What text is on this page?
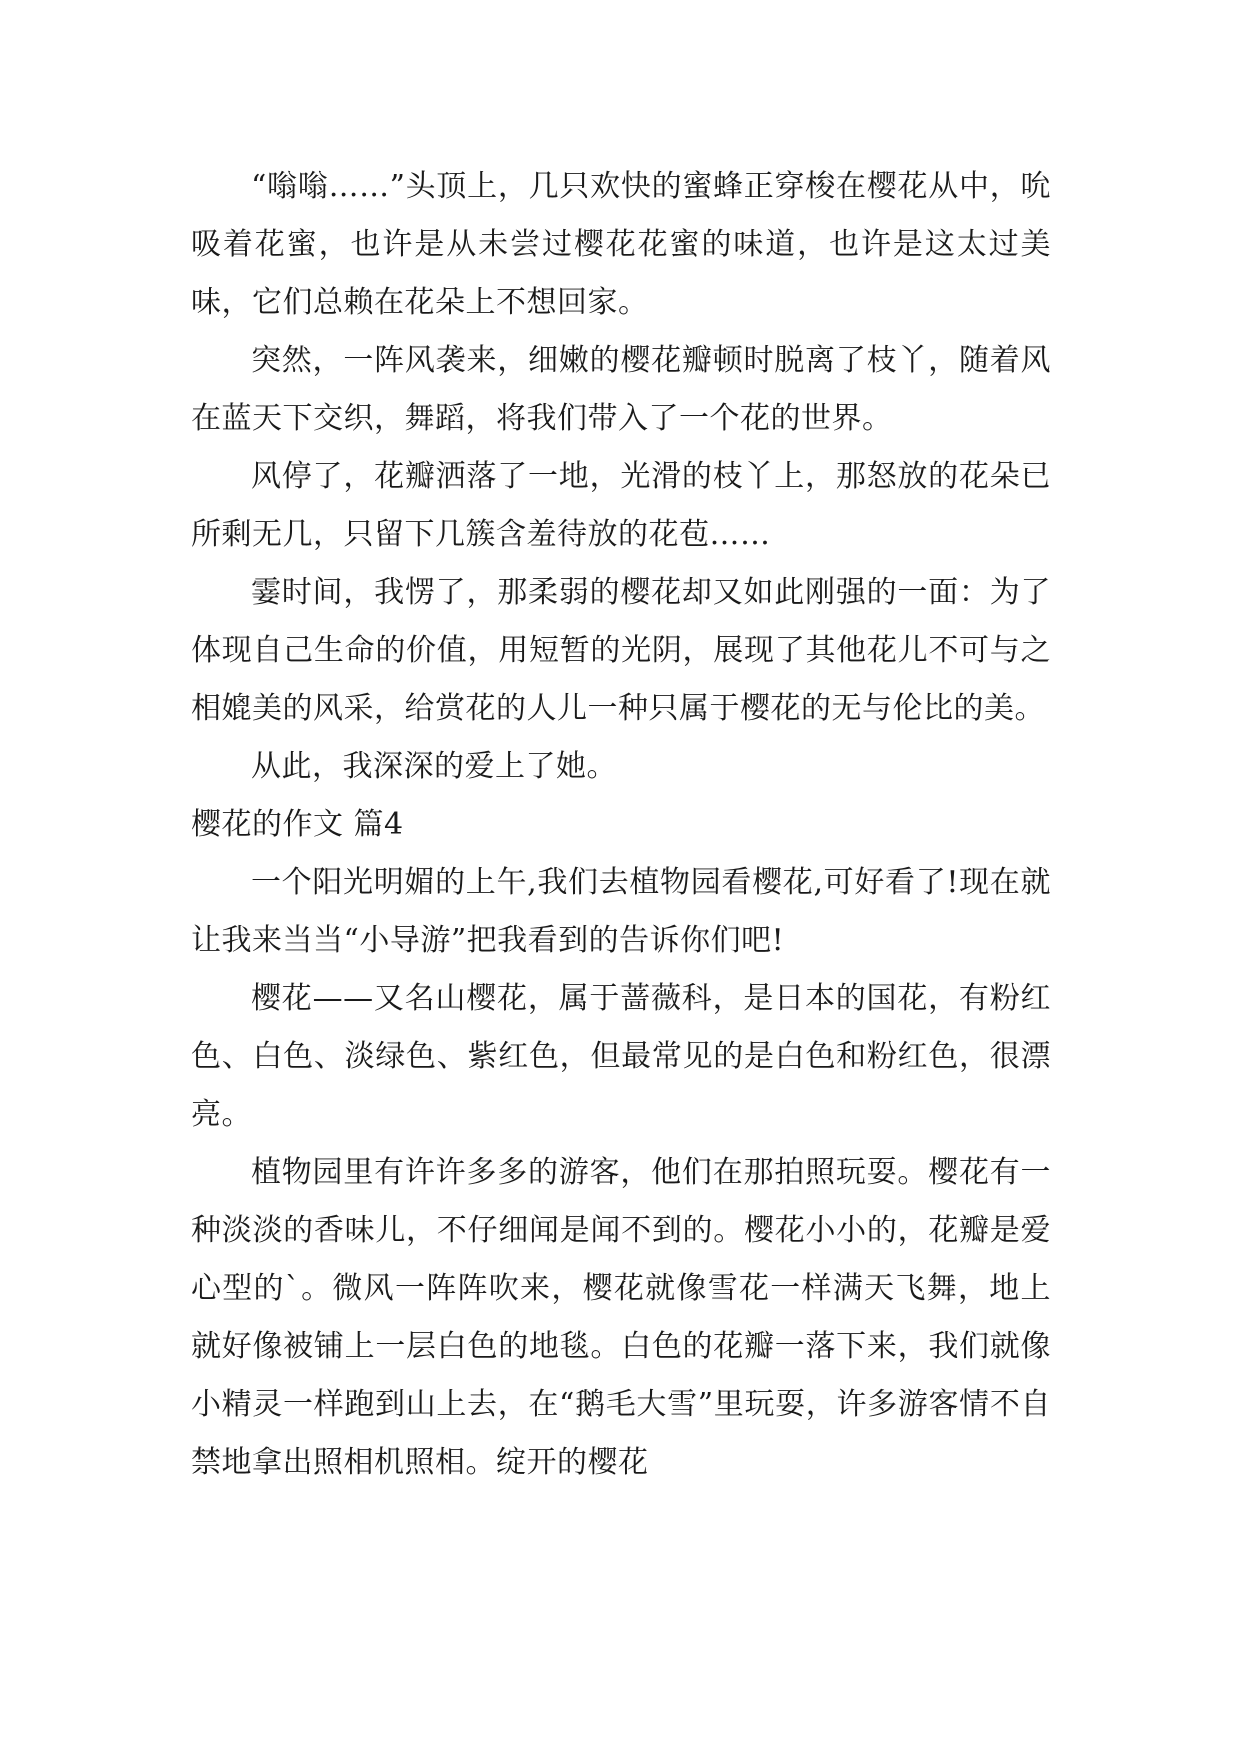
“嗡嗡……”头顶上，几只欢快的蜜蜂正穿梭在樱花从中，吮吸着花蜜，也许是从未尝过樱花花蜜的味道，也许是这太过美味，它们总赖在花朵上不想回家。

突然，一阵风袭来，细嫩的樱花瓣顿时脱离了枝丫，随着风在蓝天下交织，舞蹈，将我们带入了一个花的世界。

风停了，花瓣洒落了一地，光滑的枝丫上，那怒放的花朵已所剩无几，只留下几簇含羞待放的花苞……

霎时间，我愣了，那柔弱的樱花却又如此刚强的一面：为了体现自己生命的价值，用短暂的光阴，展现了其他花儿不可与之相媲美的风采，给赏花的人儿一种只属于樱花的无与伦比的美。

从此，我深深的爱上了她。

樱花的作文 篇4

一个阳光明媚的上午,我们去植物园看樱花,可好看了!现在就让我来当当“小导游”把我看到的告诉你们吧!

樱花——又名山樱花，属于蔷薇科，是日本的国花，有粉红色、白色、淡绿色、紫红色，但最常见的是白色和粉红色，很漂亮。

植物园里有许许多多的游客，他们在那拍照玩耍。樱花有一种淡淡的香味儿，不仔细闻是闻不到的。樱花小小的，花瓣是爱心型的`。微风一阵阵吹来，樱花就像雪花一样满天飞舞，地上就好像被铺上一层白色的地毯。白色的花瓣一落下来，我们就像小精灵一样跑到山上去，在“鹅毛大雪”里玩耍，许多游客情不自禁地拿出照相机照相。绽开的樱花
